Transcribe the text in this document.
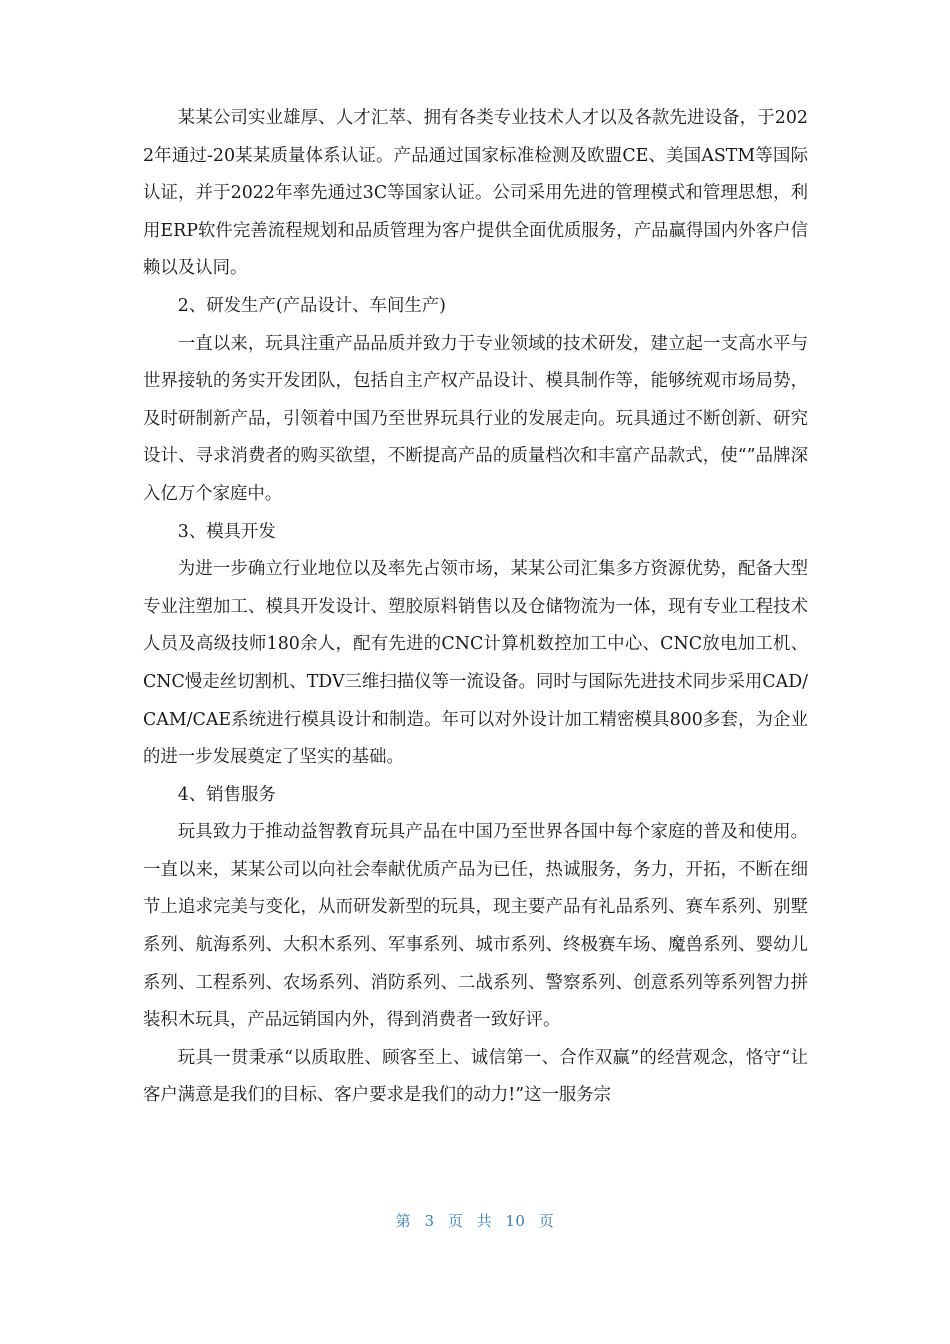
某某公司实业雄厚、人才汇萃、拥有各类专业技术人才以及各款先进设备，于2022年通过-20某某质量体系认证。产品通过国家标准检测及欧盟CE、美国ASTM等国际认证，并于2022年率先通过3C等国家认证。公司采用先进的管理模式和管理思想，利用ERP软件完善流程规划和品质管理为客户提供全面优质服务，产品赢得国内外客户信赖以及认同。

2、研发生产(产品设计、车间生产)

一直以来，玩具注重产品品质并致力于专业领域的技术研发，建立起一支高水平与世界接轨的务实开发团队，包括自主产权产品设计、模具制作等，能够统观市场局势，及时研制新产品，引领着中国乃至世界玩具行业的发展走向。玩具通过不断创新、研究设计、寻求消费者的购买欲望，不断提高产品的质量档次和丰富产品款式，使“”品牌深入亿万个家庭中。

3、模具开发

为进一步确立行业地位以及率先占领市场，某某公司汇集多方资源优势，配备大型专业注塑加工、模具开发设计、塑胶原料销售以及仓储物流为一体，现有专业工程技术人员及高级技师180余人，配有先进的CNC计算机数控加工中心、CNC放电加工机、CNC慢走丝切割机、TDV三维扫描仪等一流设备。同时与国际先进技术同步采用CAD/CAM/CAE系统进行模具设计和制造。年可以对外设计加工精密模具800多套，为企业的进一步发展奠定了坚实的基础。

4、销售服务

玩具致力于推动益智教育玩具产品在中国乃至世界各国中每个家庭的普及和使用。一直以来，某某公司以向社会奉献优质产品为已任，热诚服务，务力，开拓，不断在细节上追求完美与变化，从而研发新型的玩具，现主要产品有礼品系列、赛车系列、别墅系列、航海系列、大积木系列、军事系列、城市系列、终极赛车场、魔兽系列、婴幼儿系列、工程系列、农场系列、消防系列、二战系列、警察系列、创意系列等系列智力拼装积木玩具，产品远销国内外，得到消费者一致好评。

玩具一贯秉承“以质取胜、顾客至上、诚信第一、合作双赢”的经营观念，恪守“让客户满意是我们的目标、客户要求是我们的动力!”这一服务宗

第 3 页 共 10 页
